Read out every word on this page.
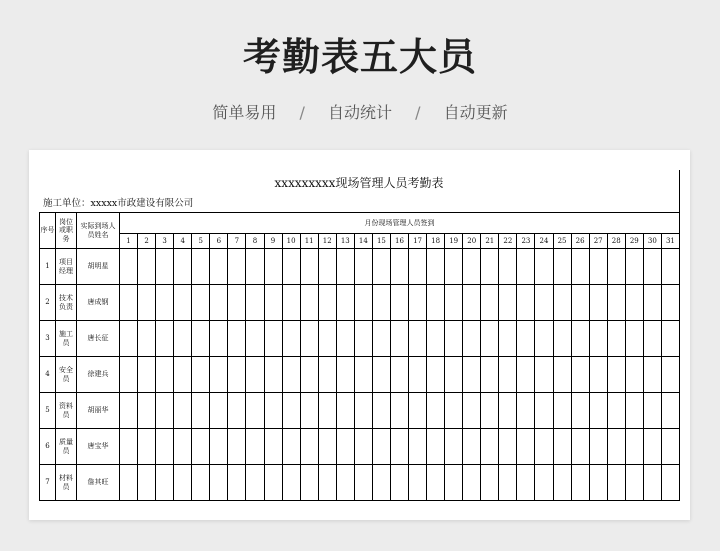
考勤表五大员
简单易用 / 自动统计 / 自动更新
xxxxxxxxx现场管理人员考勤表
施工单位：xxxxx市政建设有限公司
序号	岗位或职务	实际到场人员姓名	月份现场管理人员签到																														
			1	2	3	4	5	6	7	8	9	10	11	12	13	14	15	16	17	18	19	20	21	22	23	24	25	26	27	28	29	30	31
1	项目经理	胡明星																															
2	技术负责	唐成钢																															
3	施工员	唐长征																															
4	安全员	徐建兵																															
5	资料员	胡丽华																															
6	质量员	唐宝华																															
7	材料员	詹其旺																															
